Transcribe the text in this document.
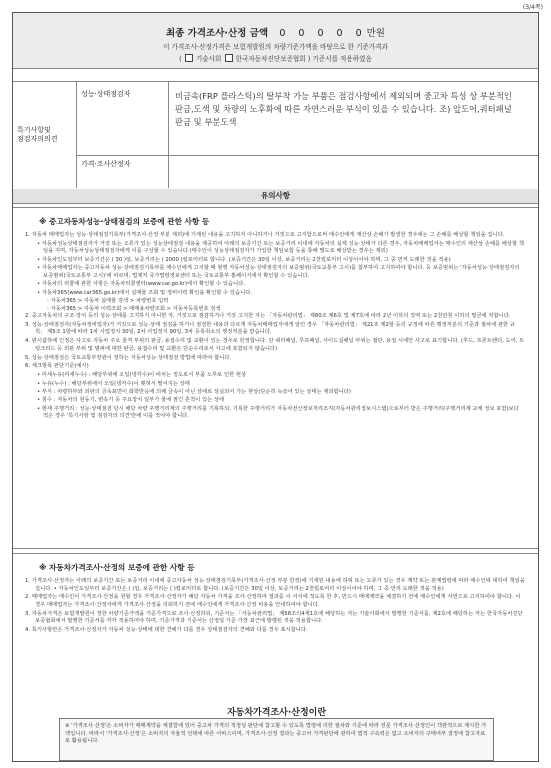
(3/4쪽)
최종 가격조사·산정 금액 0 0 0 0 0만원
이 가격조사·산정가격은 보험개발원의 차량기준가액을 바탕으로 한 기준가격과
( 기술사회 한국자동차진단보증협회 ) 기준서를 적용하였음
특기사항및
점검자의의견
성능·상태점검자	비금속(FRP 플라스틱)의 탈부착 가능 부품은 점검사항에서 제외되며 중고차 특성 상 부분적인 판금,도색 및 차량의 노후화에 따른 자연스러운 부식이 있을 수 있습니다. 조) 앞도어,쿼터패널 판금 및 부분도색
가격·조사산정자
유의사항
※ 중고자동차성능·상태점검의 보증에 관한 사항 등
1. 자동차 매매업자는 성능·상태점검기록부(가격조사·산정 부분 제외)에 기재된 내용을 고지하지 아니하거나 거짓으로 고지함으로써 매수인에게 재산상 손해가 발생한 경우에는 그 손해를 배상할 책임을 집니다.
• 자동차성능상태점검자가 거짓 또는 오류가 있는 성능상태점검 내용을 제공하여 아래의 보증기간 또는 보증거리 이내에 자동차의 실제 성능·상태가 다른 경우, 자동차매매업자는 매수인의 재산상 손해를 배상할 책임을 지며, 자동차성능상태점검자에게 이를 구상할 수 있습니다.(매수인이 성능상태점검자가 가입한 책임보험 등을 통해 별도로 배상받는 경우는 제외)
• 자동차인도일부터 보증기간은 ( 30 )일, 보증거리는 ( 2000 )킬로미터로 합니다. (보증기간은 30일 이상, 보증거리는 2천킬로미터 이상이어야 하며, 그 중 먼저 도래한 것을 적용)
• 자동차매매업자는 중고자동차 성능·상태점검기록부를 매수인에게 고지할 때 현행 자동차성능·상태점검자의 보증범위(국토교통부 고시)를 첨부하여 고지하여야 합니다. 등 보증범위는 '자동차성능·상태점검자의 보증범위(국토교통부 고시)'에 따르며, 법제처 국가법령정보센터 또는 국토교통부 홈페이지에서 확인할 수 있습니다.
• 자동차의 리콜에 관한 사항은 자동차리콜센터(www.car.go.kr)에서 확인할 수 있습니다.
• 자동차365(www.car365.go.kr)에서 실매물 조회 및 정비이력 확인을 확인할 수 있습니다.
- 자동차365 > 자동차 실매물 검색 > 차량번호 입력
- 자동차365 > 자동차 이력조회 > 매매용차량조회 > 자동차등록번호 검색
2. 중고자동차의 구조·장치 등의 성능·상태를 고지하지 아니한 자, 거짓으로 점검하거나 거짓 고지한 자는 「자동차관리법」 제80조 제6호 및 제7호에 따라 2년 이하의 징역 또는 2천만원 이하의 벌금에 처합니다.
3. 성능·상태점검자(자동차정비업자)가 거짓으로 성능·상태 점검을 하거나 점검한 내용과 다르게 자동차매매업자에게 알린 경우 「자동차관리법」 제21조 제2항 등의 규정에 따른 행정처분의 기준과 절차에 관한 규칙」 제5조 1항에 따라 1차 사업정지 30일, 2차 사업정지 90일, 3차 등록취소의 행정처분을 받습니다.
4. 판시값하에 인정은 사고로 자동차 주요 골격 부위의 판금, 용접수리 및 교환이 있는 경우로 한정합니다. 단 쿼터패널, 루프패널, 사이드실패널 부위는 절단, 용접 시에만 사고로 표기합니다. (후드, 프론트펜더, 도어, 트렁크리드 등 외판 부위 및 범퍼에 대한 판금, 용접수리 및 교환은 단순수리로서 사고에 포함되지 않습니다)
5. 성능·상태점검은 국토교통부장관이 정하는 자동차성능·상태점검 방법에 따라야 합니다.
6. 체크항목 판단기준(예시)
• 미세누유(미세누수) : 해당부위에 오일(냉각수)이 비치는 정도로서 부품 노후로 인한 현상
• 누유(누수) : 해당부위에서 오일(냉각수)이 맺혀서 떨어지는 상태
• 부식 : 차량하부와 외판의 금속표면이 화학반응에 의해 금속이 아닌 상태로 상실되어 가는 현상(단순히 녹슬어 있는 상태는 제외합니다)
• 침수 : 자동차의 원동기, 변속기 등 주요장치 일부가 물에 잠긴 흔적이 있는 상태
• 현재 주행거리 : 성능·상태점검 당시 해당 차량 주행거리계의 주행거리를 기록하되, 기록한 주행거리가 자동차전산정보처리조직(자동차관리정보시스템)으로부터 받은 주행거리(주행거리계 교체 정보 포함)보다 적은 경우 '특기사항 및 점검자의 의견'란에 이를 적어야 합니다.
※ 자동차가격조사·산정의 보증에 관한 사항 등
1. 가격조사·산정자는 아래의 보증기간 또는 보증거리 이내에 중고자동차 성능·상태점검기록부(가격조사·산정 부분 한정)에 기재된 내용에 허위 또는 오류가 있는 경우 계약 또는 관계법령에 따라 매수인에 대하여 책임을 집니다. • 자동차인도일부터 보증기간은 ( )일, 보증거리는 ( )킬로미터로 합니다. (보증기간은 30일 이상, 보증거리는 2천킬로미터 이상이어야 하며, 그 중 먼저 도래한 것을 적용)
2. 매매업자는 매수인이 가격조사·산정을 원할 경우 가격조사·산정자가 해당 자동차 가격을 조사·산정하여 결과를 이 서식에 적도록 한 후, 반드시 매매계약을 체결하기 전에 매수인에게 서면으로 고지하여야 합니다. 이 경우 매매업자는 가격조사·산정자에게 가격조사·산정을 의뢰하기 전에 매수인에게 가격조사·산정 비용을 안내하여야 합니다.
3. 자동차가격은 보험개발원이 정한 차량기준가액을 기준가격으로 조사·산정하되, 기준서는 「자동차관리법」 제58조의4제1호에 해당하는 자는 기술사회에서 발행한 기준서를, 제2호에 해당하는 자는 한국자동차진단보증협회에서 발행한 기준서를 각각 적용하여야 하며, 기준가격과 기준서는 산정일 기준 가장 최근에 발행된 것을 적용합니다.
4. 특기사항란은 가격조사·산정자가 자동차 성능·상태에 대한 견해가 다를 경우 상태점검자의 견해와 다를 경우 표시합니다.
자동차가격조사·산정이란
※ '가격조사·산정'은 소비자가 매매계약을 체결함에 있어 중고차 가격의 적정성 판단에 참고할 수 있도록 법령에 의한 절차와 기준에 따라 전문 가격조사·산정인이 객관적으로 제시한 가액입니다. 따라서 '가격조사·산정'은 소비자의 자율적 선택에 따른 서비스이며, 가격조사·산정 결과는 중고차 가격판단에 관하여 법적 구속력은 없고 소비자의 구매여부 결정에 참고자료로 활용됩니다.
